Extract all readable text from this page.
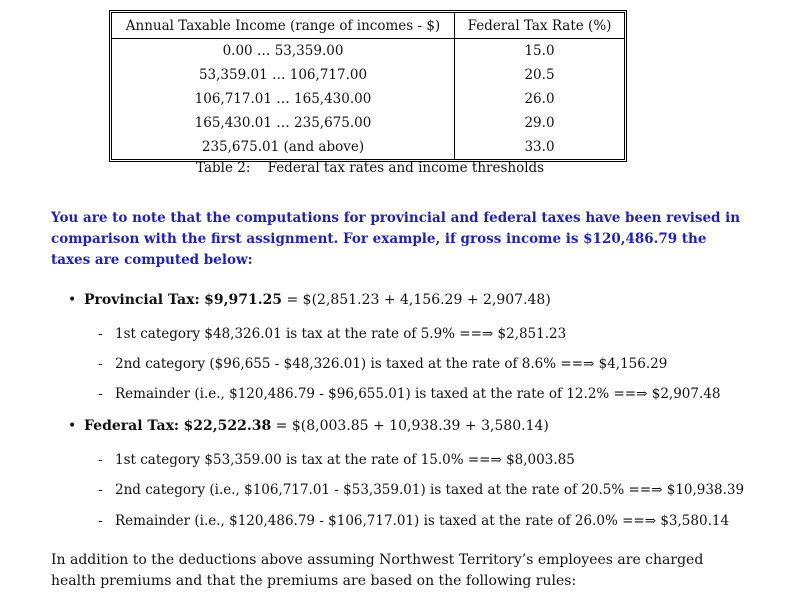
Annual Taxable Income (range of incomes - $)	Federal Tax Rate (%)
0.00 … 53,359.00	15.0
53,359.01 … 106,717.00	20.5
106,717.01 … 165,430.00	26.0
165,430.01 … 235,675.00	29.0
235,675.01 (and above)	33.0
Table 2: Federal tax rates and income thresholds
You are to note that the computations for provincial and federal taxes have been revised in comparison with the first assignment. For example, if gross income is $120,486.79 the taxes are computed below:
• Provincial Tax: $9,971.25 = $(2,851.23 + 4,156.29 + 2,907.48)
- 1st category $48,326.01 is tax at the rate of 5.9% ==⇒ $2,851.23
- 2nd category ($96,655 - $48,326.01) is taxed at the rate of 8.6% ==⇒ $4,156.29
- Remainder (i.e., $120,486.79 - $96,655.01) is taxed at the rate of 12.2% ==⇒ $2,907.48
• Federal Tax: $22,522.38 = $(8,003.85 + 10,938.39 + 3,580.14)
- 1st category $53,359.00 is tax at the rate of 15.0% ==⇒ $8,003.85
- 2nd category (i.e., $106,717.01 - $53,359.01) is taxed at the rate of 20.5% ==⇒ $10,938.39
- Remainder (i.e., $120,486.79 - $106,717.01) is taxed at the rate of 26.0% ==⇒ $3,580.14
In addition to the deductions above assuming Northwest Territory’s employees are charged health premiums and that the premiums are based on the following rules:
